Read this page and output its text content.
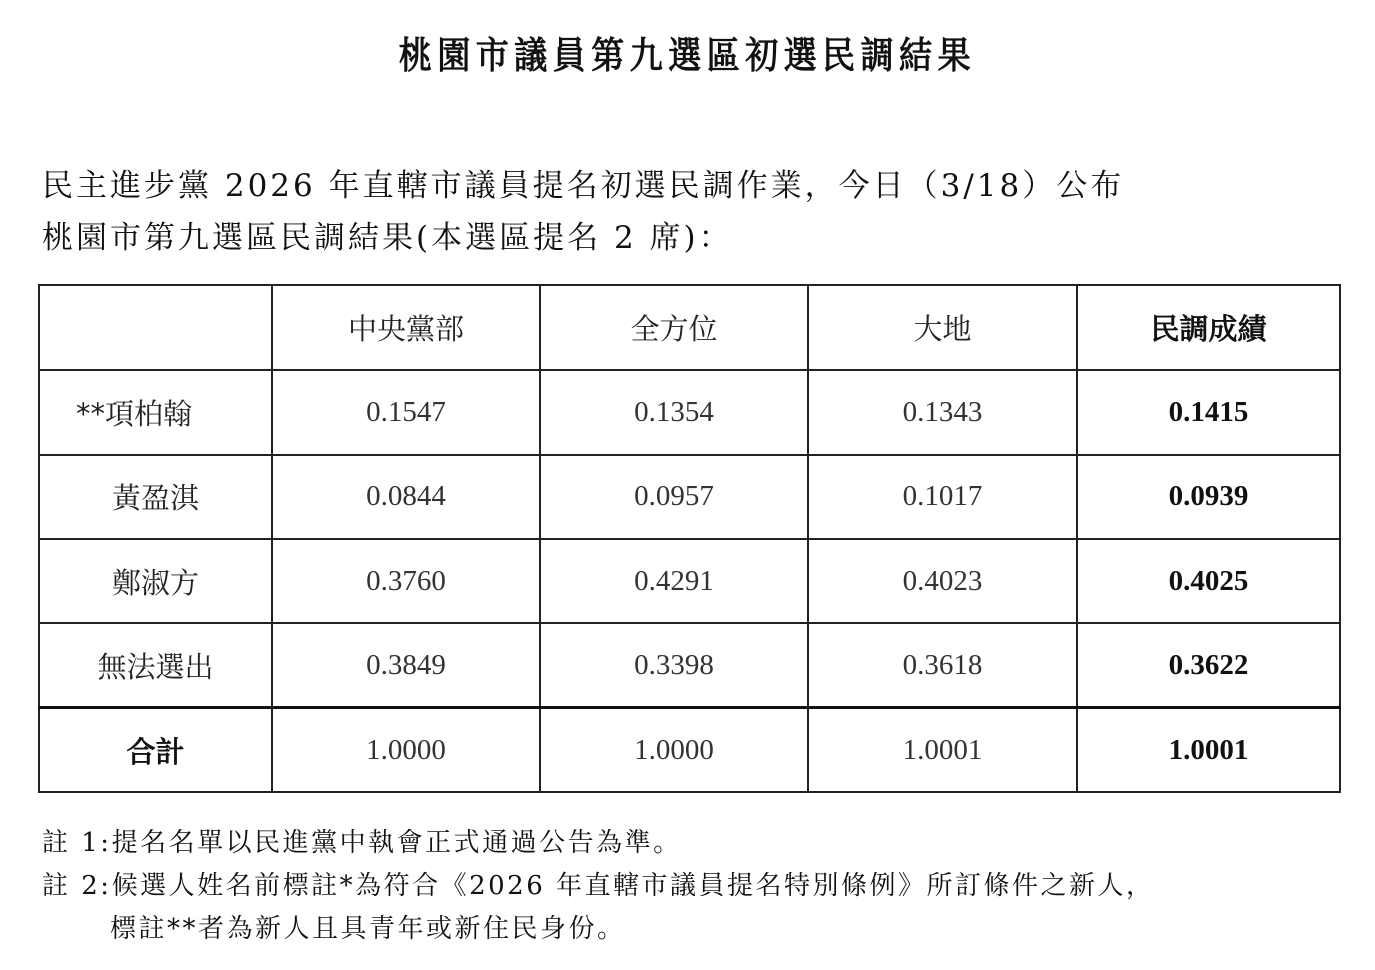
桃園市議員第九選區初選民調結果
民主進步黨 2026 年直轄市議員提名初選民調作業，今日（3/18）公布
桃園市第九選區民調結果(本選區提名 2 席)：
	中央黨部	全方位	大地	民調成績
**項柏翰	0.1547	0.1354	0.1343	0.1415
黃盈淇	0.0844	0.0957	0.1017	0.0939
鄭淑方	0.3760	0.4291	0.4023	0.4025
無法選出	0.3849	0.3398	0.3618	0.3622
合計	1.0000	1.0000	1.0001	1.0001
註 1:提名名單以民進黨中執會正式通過公告為準。
註 2:候選人姓名前標註*為符合《2026 年直轄市議員提名特別條例》所訂條件之新人，
標註**者為新人且具青年或新住民身份。
